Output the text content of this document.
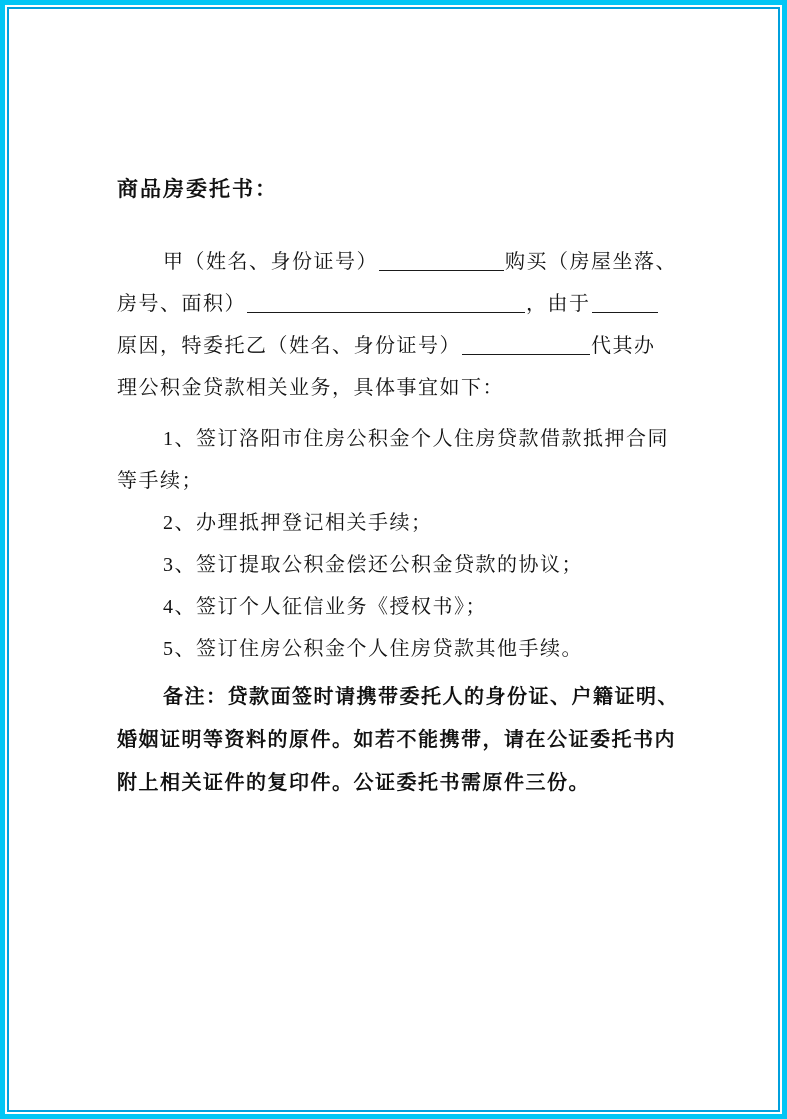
商品房委托书：
甲（姓名、身份证号）	购买（房屋坐落、
房号、面积）	，由于
原因，特委托乙（姓名、身份证号）	代其办
理公积金贷款相关业务，具体事宜如下：
1、签订洛阳市住房公积金个人住房贷款借款抵押合同
等手续；
2、办理抵押登记相关手续；
3、签订提取公积金偿还公积金贷款的协议；
4、签订个人征信业务《授权书》；
5、签订住房公积金个人住房贷款其他手续。
备注：贷款面签时请携带委托人的身份证、户籍证明、
婚姻证明等资料的原件。如若不能携带，请在公证委托书内
附上相关证件的复印件。公证委托书需原件三份。
